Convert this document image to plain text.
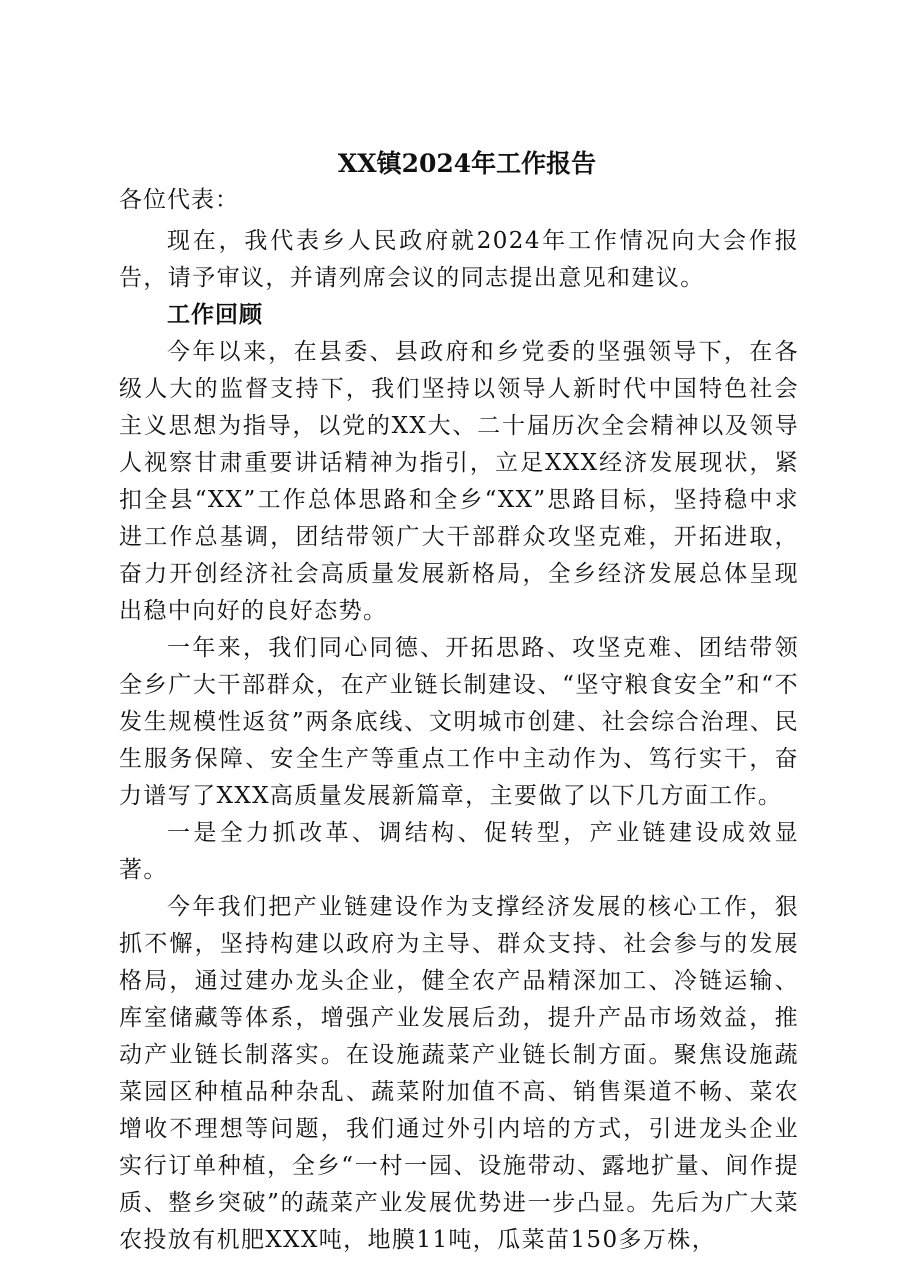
XX镇2024年工作报告

各位代表：

现在，我代表乡人民政府就2024年工作情况向大会作报告，请予审议，并请列席会议的同志提出意见和建议。

工作回顾

今年以来，在县委、县政府和乡党委的坚强领导下，在各级人大的监督支持下，我们坚持以领导人新时代中国特色社会主义思想为指导，以党的XX大、二十届历次全会精神以及领导人视察甘肃重要讲话精神为指引，立足XXX经济发展现状，紧扣全县“XX”工作总体思路和全乡“XX”思路目标，坚持稳中求进工作总基调，团结带领广大干部群众攻坚克难，开拓进取，奋力开创经济社会高质量发展新格局，全乡经济发展总体呈现出稳中向好的良好态势。

一年来，我们同心同德、开拓思路、攻坚克难、团结带领全乡广大干部群众，在产业链长制建设、“坚守粮食安全”和“不发生规模性返贫”两条底线、文明城市创建、社会综合治理、民生服务保障、安全生产等重点工作中主动作为、笃行实干，奋力谱写了XXX高质量发展新篇章，主要做了以下几方面工作。

一是全力抓改革、调结构、促转型，产业链建设成效显著。

今年我们把产业链建设作为支撑经济发展的核心工作，狠抓不懈，坚持构建以政府为主导、群众支持、社会参与的发展格局，通过建办龙头企业，健全农产品精深加工、冷链运输、库室储藏等体系，增强产业发展后劲，提升产品市场效益，推动产业链长制落实。在设施蔬菜产业链长制方面。聚焦设施蔬菜园区种植品种杂乱、蔬菜附加值不高、销售渠道不畅、菜农增收不理想等问题，我们通过外引内培的方式，引进龙头企业实行订单种植，全乡“一村一园、设施带动、露地扩量、间作提质、整乡突破”的蔬菜产业发展优势进一步凸显。先后为广大菜农投放有机肥XXX吨，地膜11吨，瓜菜苗150多万株，
